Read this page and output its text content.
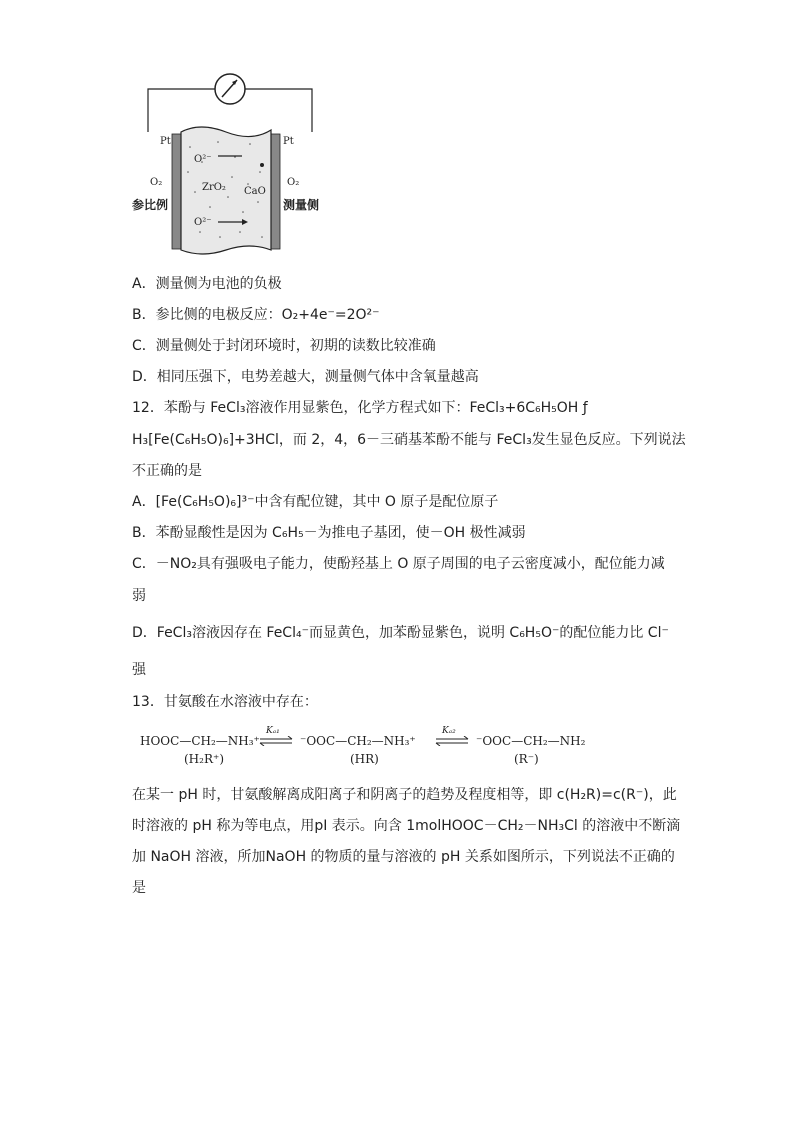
Pt	Pt
O₂	O₂
参比例	测量侧
O²⁻
O²⁻
ZrO₂ CaO
A．测量侧为电池的负极
B．参比侧的电极反应：O₂+4e⁻=2O²⁻
C．测量侧处于封闭环境时，初期的读数比较准确
D．相同压强下，电势差越大，测量侧气体中含氧量越高
12．苯酚与 FeCl₃溶液作用显紫色，化学方程式如下：FeCl₃+6C₆H₅OH ƒ
H₃[Fe(C₆H₅O)₆]+3HCl，而 2，4，6－三硝基苯酚不能与 FeCl₃发生显色反应。下列说法
不正确的是
A．[Fe(C₆H₅O)₆]³⁻中含有配位键，其中 O 原子是配位原子
B．苯酚显酸性是因为 C₆H₅－为推电子基团，使－OH 极性减弱
C．－NO₂具有强吸电子能力，使酚羟基上 O 原子周围的电子云密度减小，配位能力减
弱
D．FeCl₃溶液因存在 FeCl₄⁻而显黄色，加苯酚显紫色，说明 C₆H₅O⁻的配位能力比 Cl⁻
强
13．甘氨酸在水溶液中存在：
HOOC—CH₂—NH₃⁺
Kₐ₁
⁻OOC—CH₂—NH₃⁺
Kₐ₂
⁻OOC—CH₂—NH₂
(H₂R⁺)	(HR)	(R⁻)
在某一 pH 时，甘氨酸解离成阳离子和阴离子的趋势及程度相等，即 c(H₂R)=c(R⁻)，此
时溶液的 pH 称为等电点，用pI 表示。向含 1molHOOC－CH₂－NH₃Cl 的溶液中不断滴
加 NaOH 溶液，所加NaOH 的物质的量与溶液的 pH 关系如图所示，下列说法不正确的
是
